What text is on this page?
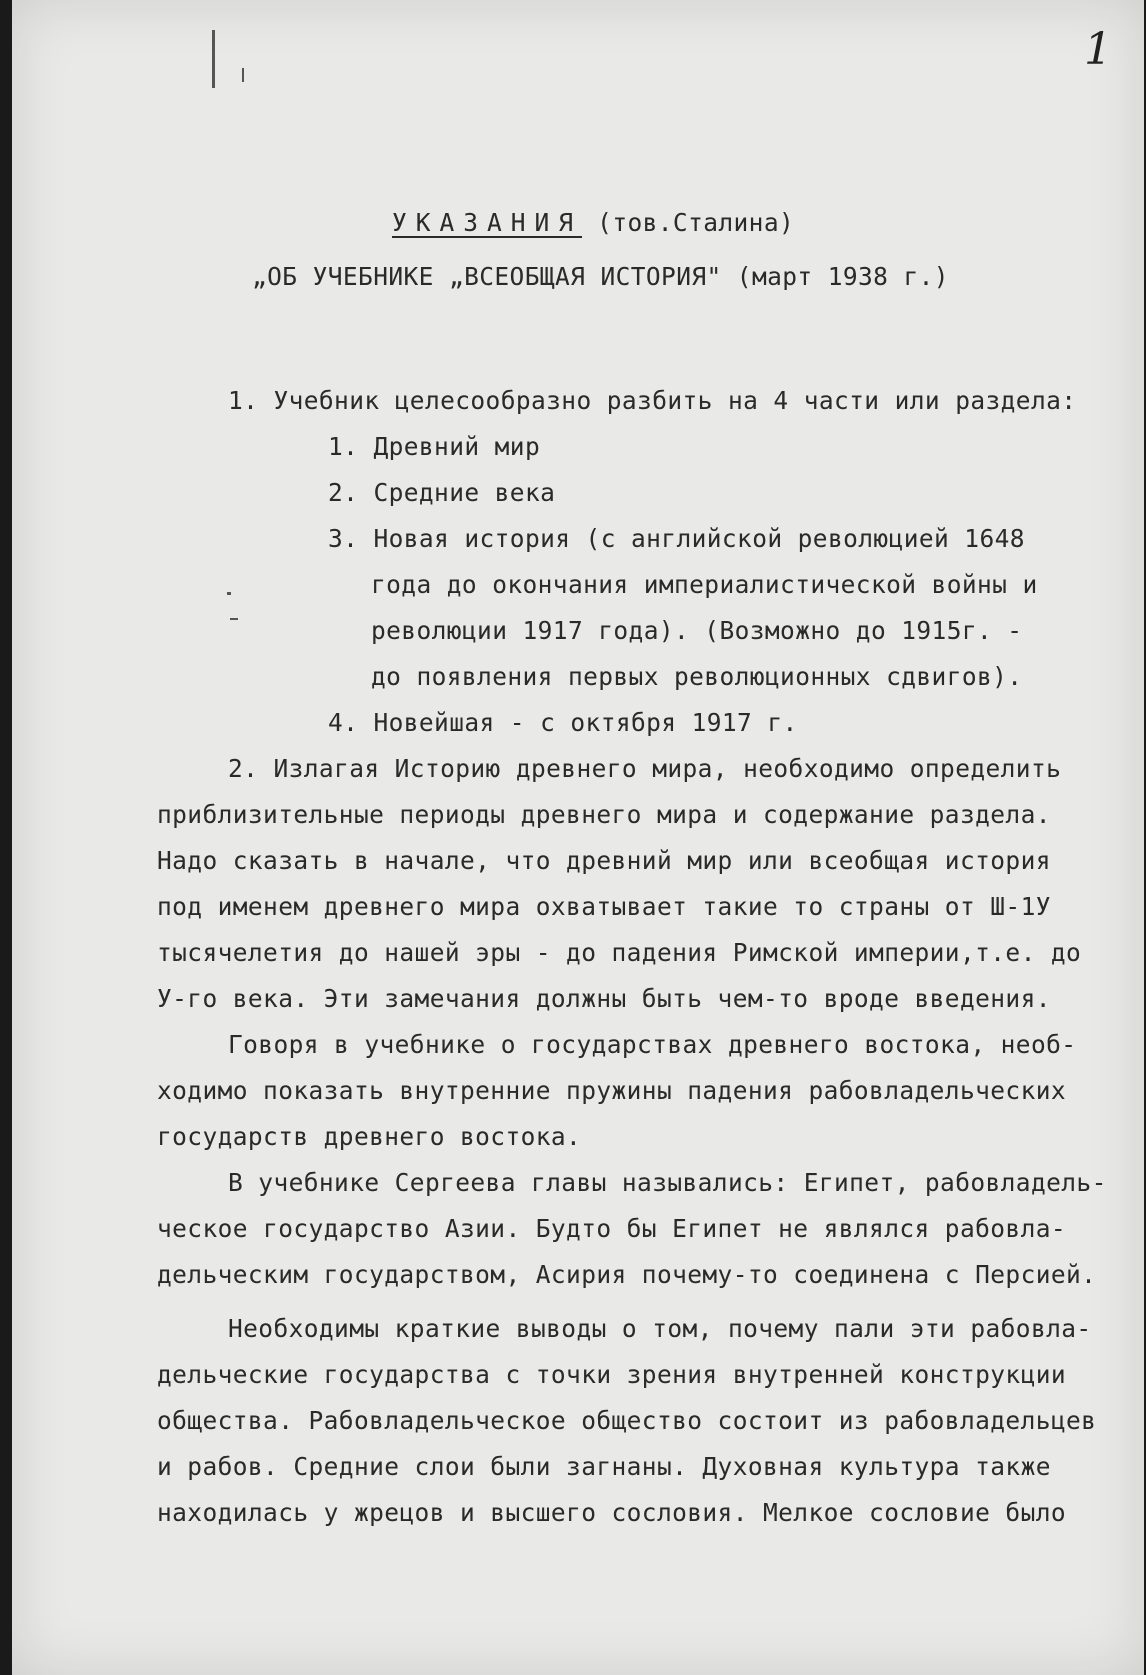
1
УКАЗАНИЯ (тов.Сталина)
„ОБ УЧЕБНИКЕ „ВСЕОБЩАЯ ИСТОРИЯ" (март 1938 г.)

1. Учебник целесообразно разбить на 4 части или раздела:

1. Древний мир

2. Средние века

3. Новая история (с английской революцией 1648

года до окончания империалистической войны и

революции 1917 года). (Возможно до 1915г. -

до появления первых революционных сдвигов).

4. Новейшая - с октября 1917 г.

2. Излагая Историю древнего мира, необходимо определить

приблизительные периоды древнего мира и содержание раздела.

Надо сказать в начале, что древний мир или всеобщая история

под именем древнего мира охватывает такие то страны от Ш-1У

тысячелетия до нашей эры - до падения Римской империи,т.е. до

У-го века. Эти замечания должны быть чем-то вроде введения.

Говоря в учебнике о государствах древнего востока, необ-

ходимо показать внутренние пружины падения рабовладельческих

государств древнего востока.

В учебнике Сергеева главы назывались: Египет, рабовладель-

ческое государство Азии. Будто бы Египет не являлся рабовла-

дельческим государством, Асирия почему-то соединена с Персией.

Необходимы краткие выводы о том, почему пали эти рабовла-

дельческие государства с точки зрения внутренней конструкции

общества. Рабовладельческое общество состоит из рабовладельцев

и рабов. Средние слои были загнаны. Духовная культура также

находилась у жрецов и высшего сословия. Мелкое сословие было
